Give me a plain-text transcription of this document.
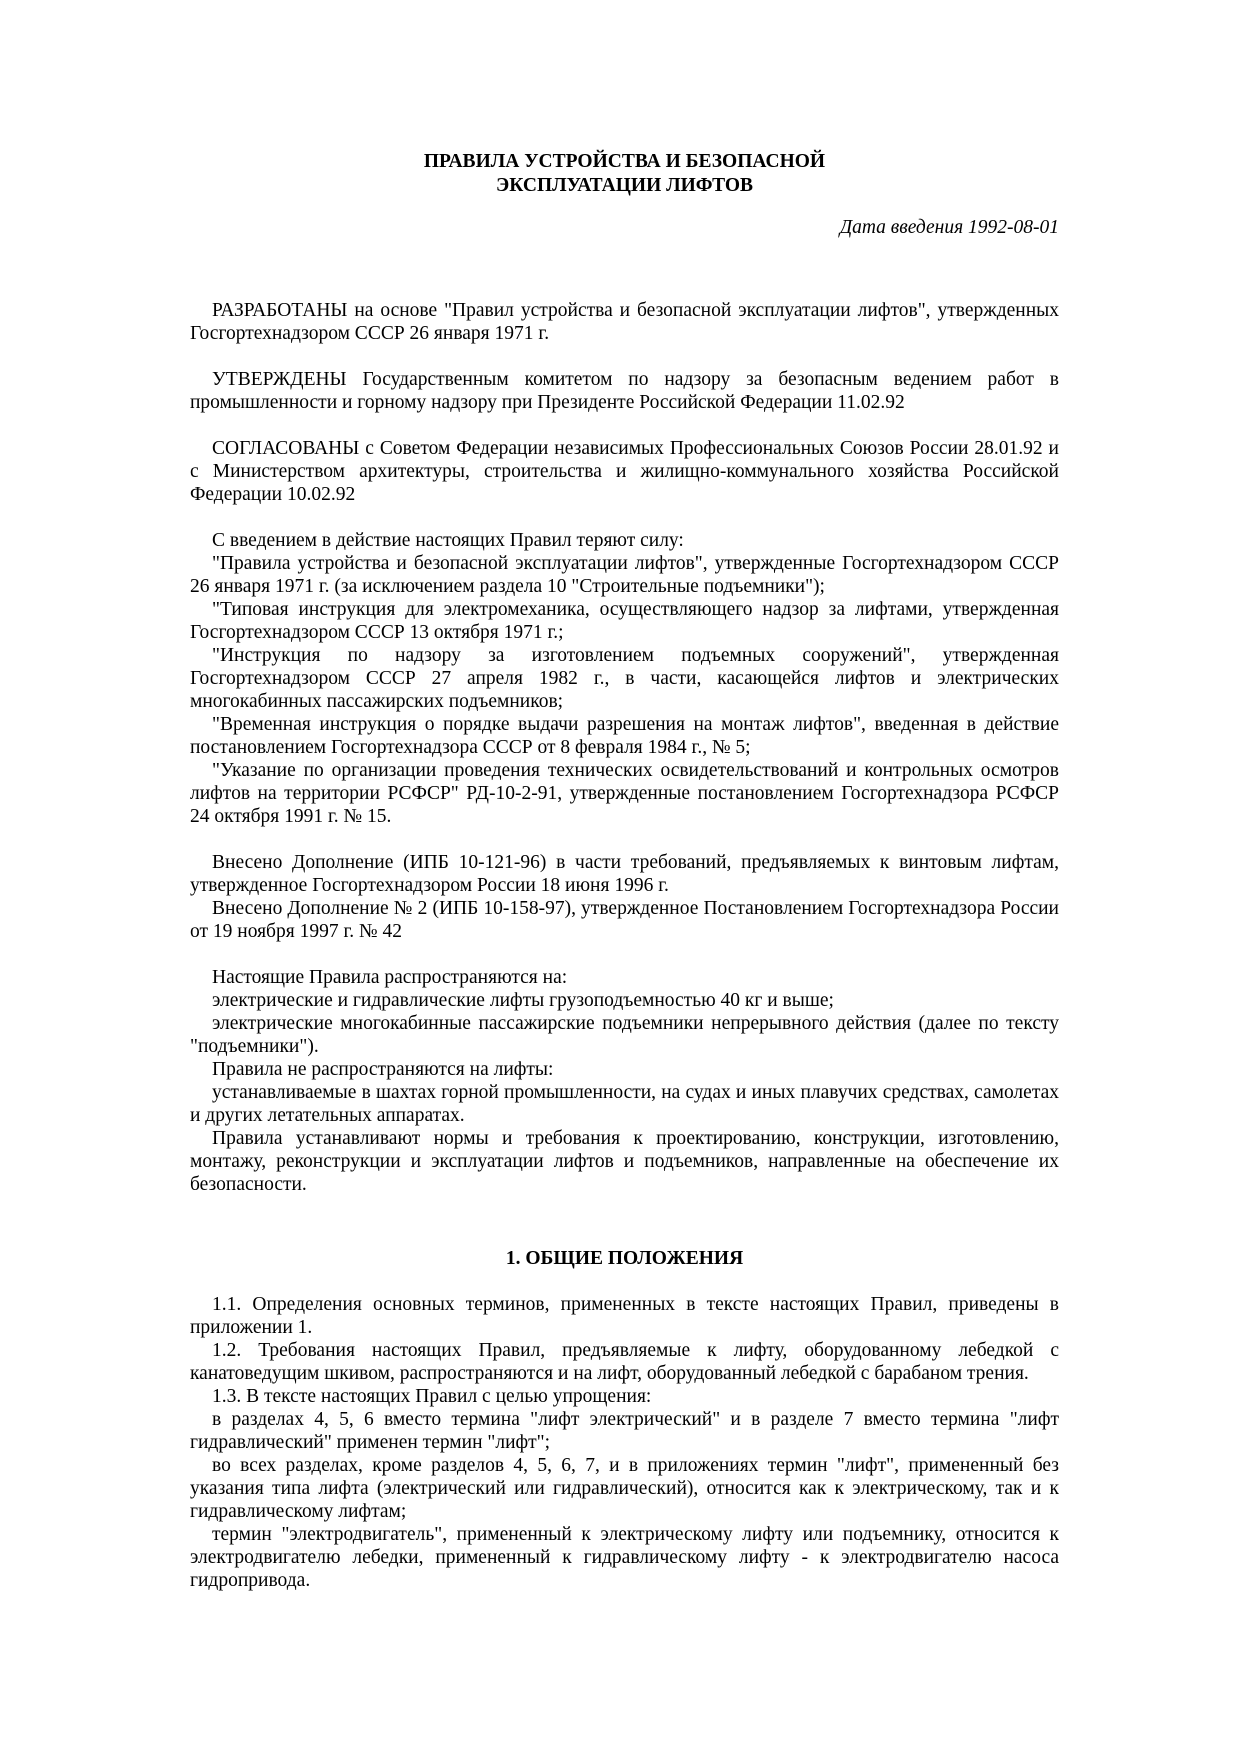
ПРАВИЛА УСТРОЙСТВА И БЕЗОПАСНОЙ
ЭКСПЛУАТАЦИИ ЛИФТОВ
Дата введения 1992-08-01

РАЗРАБОТАНЫ на основе "Правил устройства и безопасной эксплуатации лифтов", утвержденных Госгортехнадзором СССР 26 января 1971 г.

УТВЕРЖДЕНЫ Государственным комитетом по надзору за безопасным ведением работ в промышленности и горному надзору при Президенте Российской Федерации 11.02.92

СОГЛАСОВАНЫ с Советом Федерации независимых Профессиональных Союзов России 28.01.92 и с Министерством архитектуры, строительства и жилищно-коммунального хозяйства Российской Федерации 10.02.92

С введением в действие настоящих Правил теряют силу:

"Правила устройства и безопасной эксплуатации лифтов", утвержденные Госгортехнадзором СССР 26 января 1971 г. (за исключением раздела 10 "Строительные подъемники");

"Типовая инструкция для электромеханика, осуществляющего надзор за лифтами, утвержденная Госгортехнадзором СССР 13 октября 1971 г.;

"Инструкция по надзору за изготовлением подъемных сооружений", утвержденная Госгортехнадзором СССР 27 апреля 1982 г., в части, касающейся лифтов и электрических многокабинных пассажирских подъемников;

"Временная инструкция о порядке выдачи разрешения на монтаж лифтов", введенная в действие постановлением Госгортехнадзора СССР от 8 февраля 1984 г., № 5;

"Указание по организации проведения технических освидетельствований и контрольных осмотров лифтов на территории РСФСР" РД-10-2-91, утвержденные постановлением Госгортехнадзора РСФСР 24 октября 1991 г. № 15.

Внесено Дополнение (ИПБ 10-121-96) в части требований, предъявляемых к винтовым лифтам, утвержденное Госгортехнадзором России 18 июня 1996 г.

Внесено Дополнение № 2 (ИПБ 10-158-97), утвержденное Постановлением Госгортехнадзора России от 19 ноября 1997 г. № 42

Настоящие Правила распространяются на:

электрические и гидравлические лифты грузоподъемностью 40 кг и выше;

электрические многокабинные пассажирские подъемники непрерывного действия (далее по тексту "подъемники").

Правила не распространяются на лифты:

устанавливаемые в шахтах горной промышленности, на судах и иных плавучих средствах, самолетах и других летательных аппаратах.

Правила устанавливают нормы и требования к проектированию, конструкции, изготовлению, монтажу, реконструкции и эксплуатации лифтов и подъемников, направленные на обеспечение их безопасности.

1. ОБЩИЕ ПОЛОЖЕНИЯ

1.1. Определения основных терминов, примененных в тексте настоящих Правил, приведены в приложении 1.

1.2. Требования настоящих Правил, предъявляемые к лифту, оборудованному лебедкой с канатоведущим шкивом, распространяются и на лифт, оборудованный лебедкой с барабаном трения.

1.3. В тексте настоящих Правил с целью упрощения:

в разделах 4, 5, 6 вместо термина "лифт электрический" и в разделе 7 вместо термина "лифт гидравлический" применен термин "лифт";

во всех разделах, кроме разделов 4, 5, 6, 7, и в приложениях термин "лифт", примененный без указания типа лифта (электрический или гидравлический), относится как к электрическому, так и к гидравлическому лифтам;

термин "электродвигатель", примененный к электрическому лифту или подъемнику, относится к электродвигателю лебедки, примененный к гидравлическому лифту - к электродвигателю насоса гидропривода.
